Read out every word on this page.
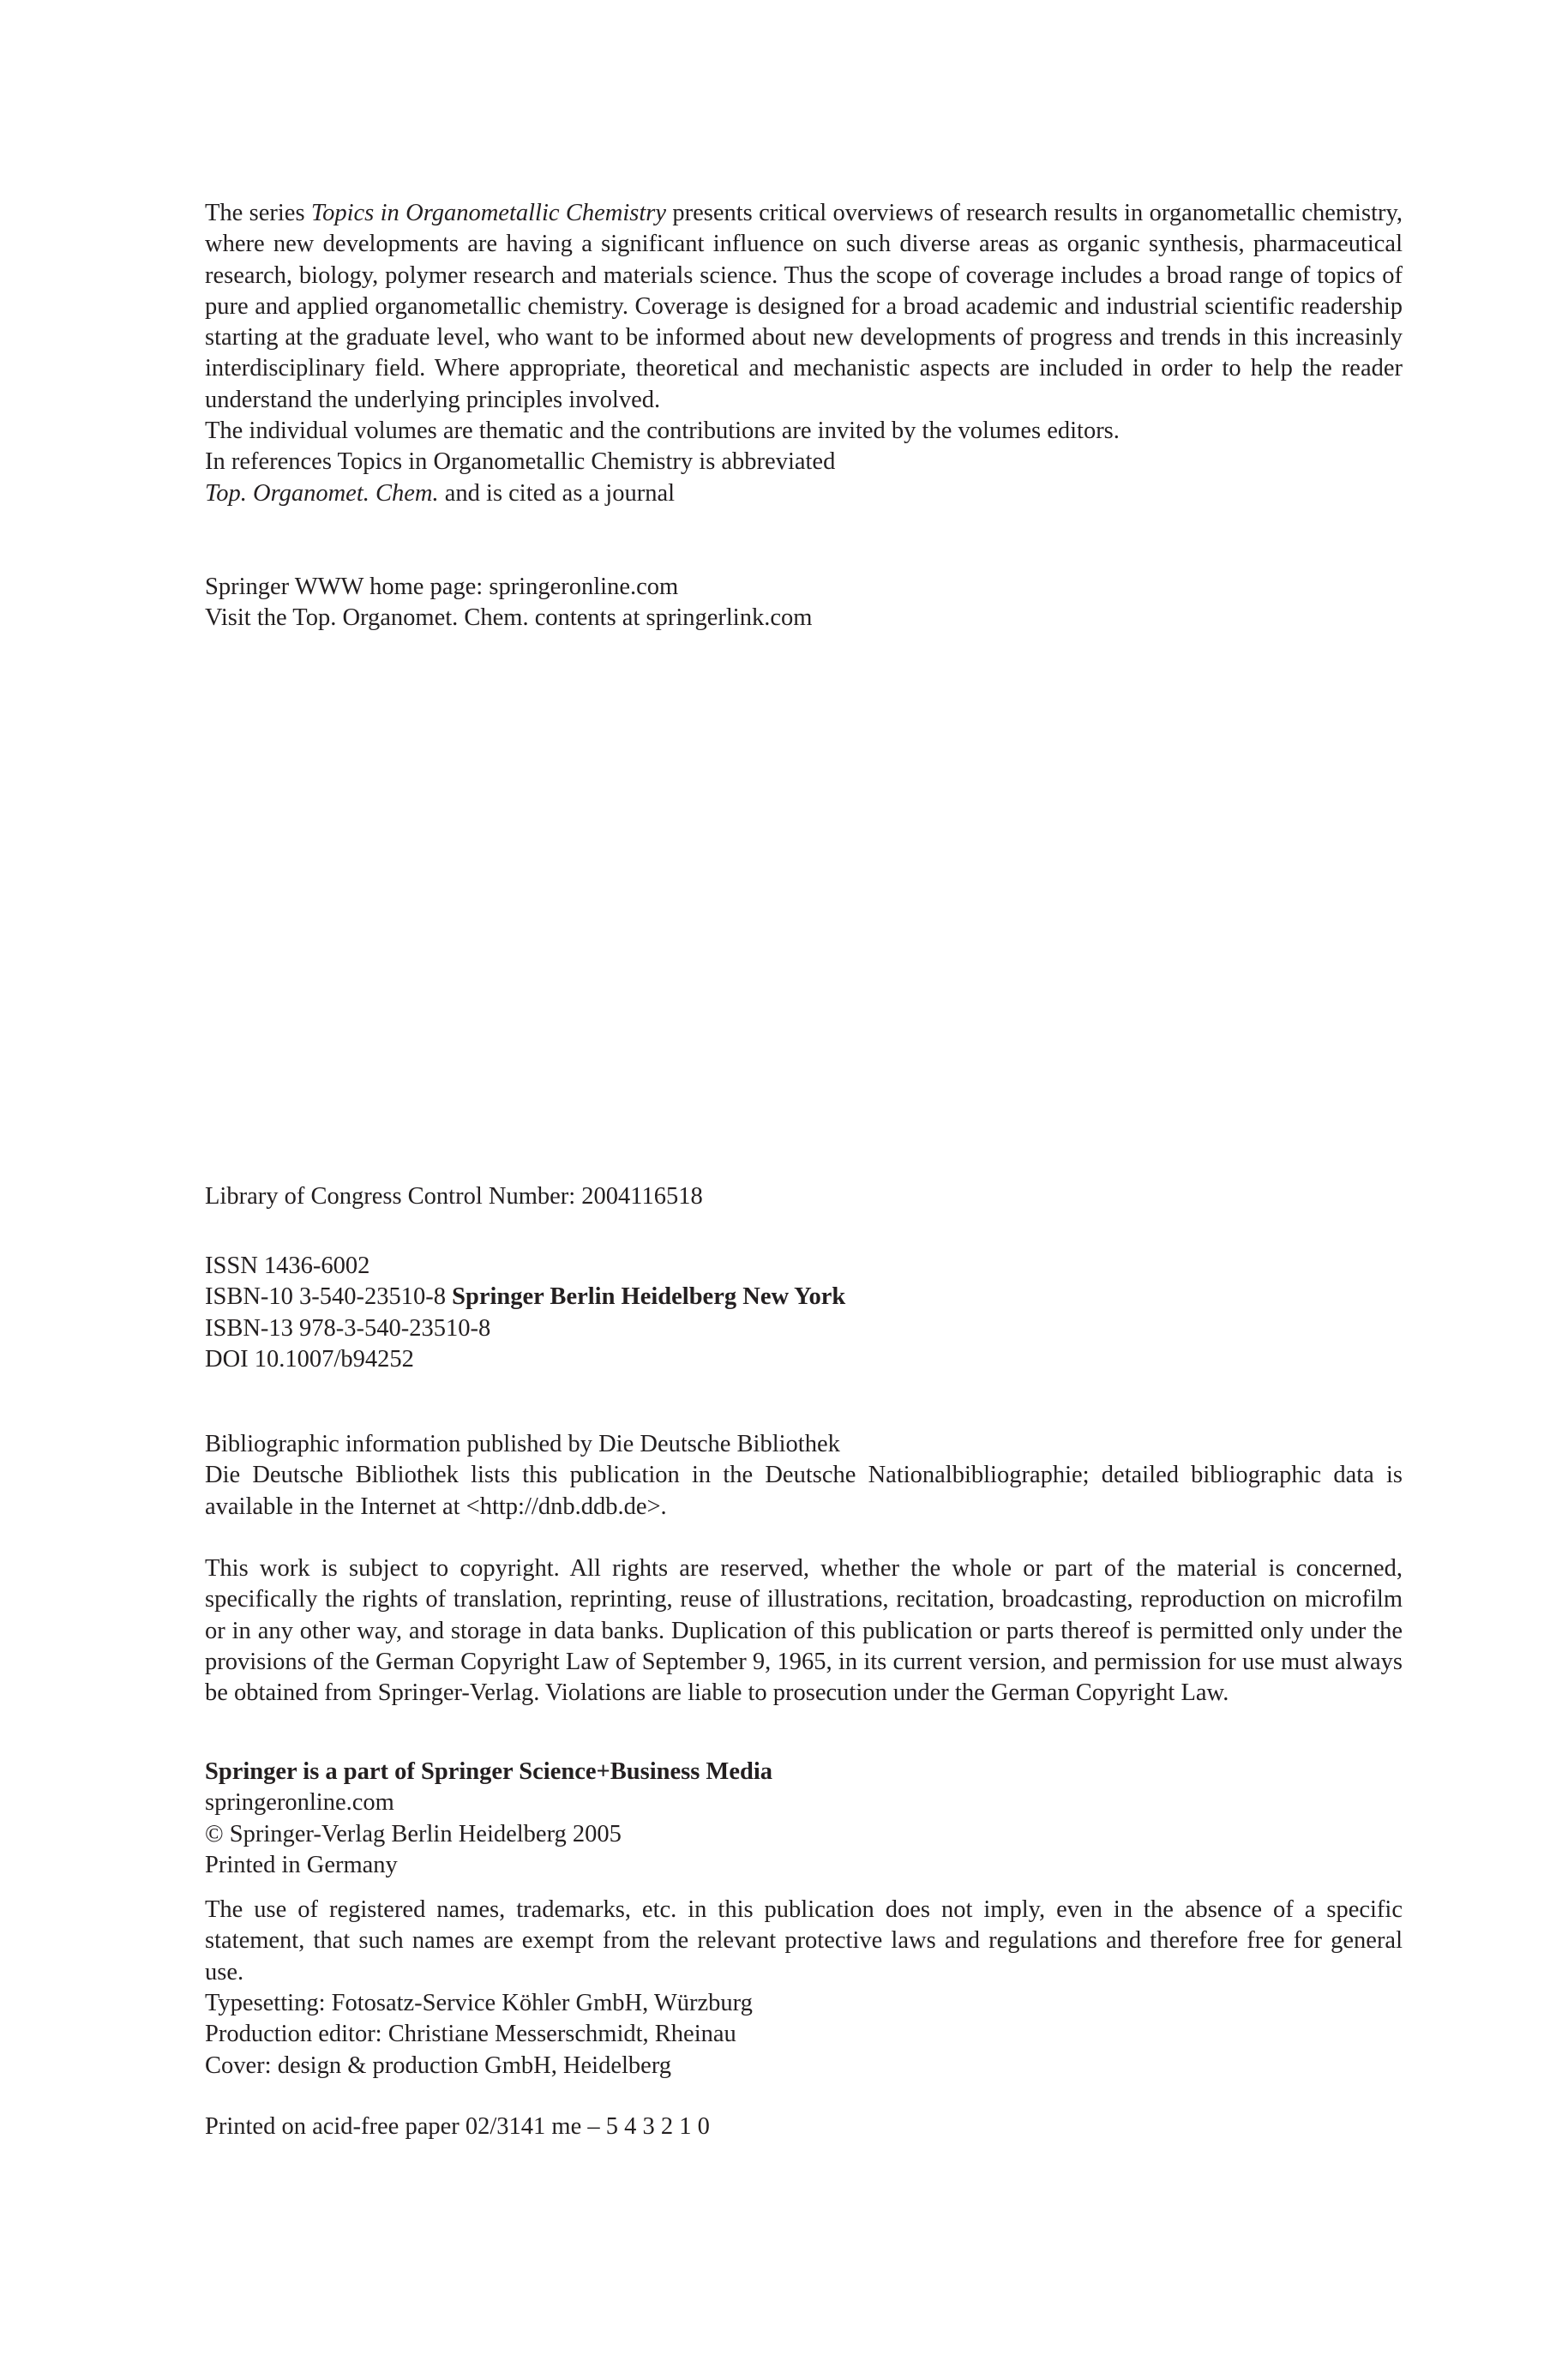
The series Topics in Organometallic Chemistry presents critical overviews of research results in organometallic chemistry, where new developments are having a significant influence on such diverse areas as organic synthesis, pharmaceutical research, biology, polymer research and materials science. Thus the scope of coverage includes a broad range of topics of pure and applied organometallic chemistry. Coverage is designed for a broad academic and industrial scientific readership starting at the graduate level, who want to be informed about new developments of progress and trends in this increasinly interdisciplinary field. Where appropriate, theoretical and mechanistic aspects are included in order to help the reader understand the underlying principles involved.

The individual volumes are thematic and the contributions are invited by the volumes editors.

In references Topics in Organometallic Chemistry is abbreviated

Top. Organomet. Chem. and is cited as a journal

Springer WWW home page: springeronline.com

Visit the Top. Organomet. Chem. contents at springerlink.com

Library of Congress Control Number: 2004116518

ISSN 1436-6002

ISBN-10 3-540-23510-8 Springer Berlin Heidelberg New York

ISBN-13 978-3-540-23510-8

DOI 10.1007/b94252

Bibliographic information published by Die Deutsche Bibliothek

Die Deutsche Bibliothek lists this publication in the Deutsche Nationalbibliographie; detailed bibliographic data is available in the Internet at <http://dnb.ddb.de>.

This work is subject to copyright. All rights are reserved, whether the whole or part of the material is concerned, specifically the rights of translation, reprinting, reuse of illustrations, recitation, broadcasting, reproduction on microfilm or in any other way, and storage in data banks. Duplication of this publication or parts thereof is permitted only under the provisions of the German Copyright Law of September 9, 1965, in its current version, and permission for use must always be obtained from Springer-Verlag. Violations are liable to prosecution under the German Copyright Law.

Springer is a part of Springer Science+Business Media

springeronline.com

© Springer-Verlag Berlin Heidelberg 2005

Printed in Germany

The use of registered names, trademarks, etc. in this publication does not imply, even in the absence of a specific statement, that such names are exempt from the relevant protective laws and regulations and therefore free for general use.

Typesetting: Fotosatz-Service Köhler GmbH, Würzburg

Production editor: Christiane Messerschmidt, Rheinau

Cover: design & production GmbH, Heidelberg

Printed on acid-free paper 02/3141 me – 5 4 3 2 1 0
